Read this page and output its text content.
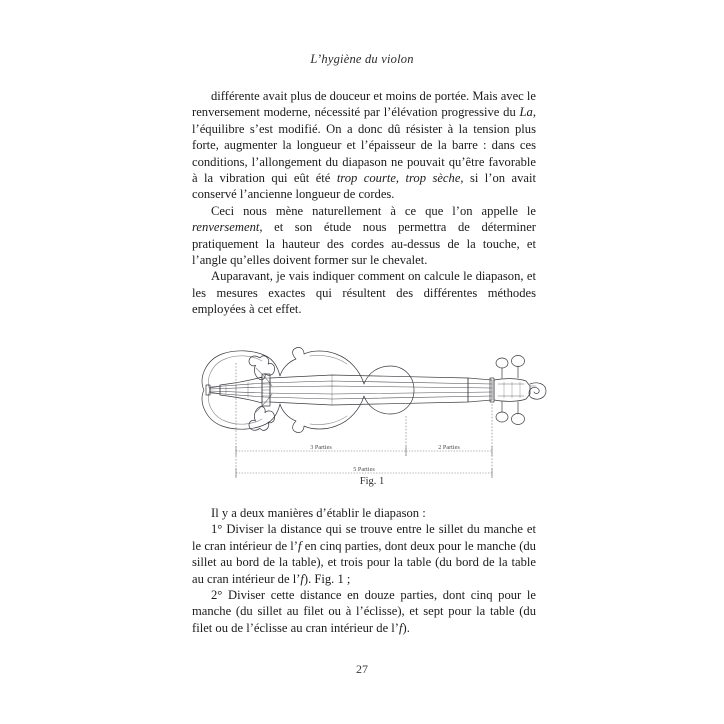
L’hygiène du violon

différente avait plus de douceur et moins de portée. Mais avec le renversement moderne, nécessité par l’élévation progressive du La, l’équilibre s’est modifié. On a donc dû résister à la tension plus forte, augmenter la longueur et l’épaisseur de la barre : dans ces conditions, l’allongement du diapason ne pouvait qu’être favorable à la vibration qui eût été trop courte, trop sèche, si l’on avait conservé l’ancienne longueur de cordes.

Ceci nous mène naturellement à ce que l’on appelle le renversement, et son étude nous permettra de déterminer pratiquement la hauteur des cordes au-dessus de la touche, et l’angle qu’elles doivent former sur le chevalet.

Auparavant, je vais indiquer comment on calcule le diapason, et les mesures exactes qui résultent des différentes méthodes employées à cet effet.

3 Parties	2 Parties
5 Parties
Fig. 1

Il y a deux manières d’établir le diapason :

1° Diviser la distance qui se trouve entre le sillet du manche et le cran intérieur de l’f en cinq parties, dont deux pour le manche (du sillet au bord de la table), et trois pour la table (du bord de la table au cran intérieur de l’f). Fig. 1 ;

2° Diviser cette distance en douze parties, dont cinq pour le manche (du sillet au filet ou à l’éclisse), et sept pour la table (du filet ou de l’éclisse au cran intérieur de l’f).

27
